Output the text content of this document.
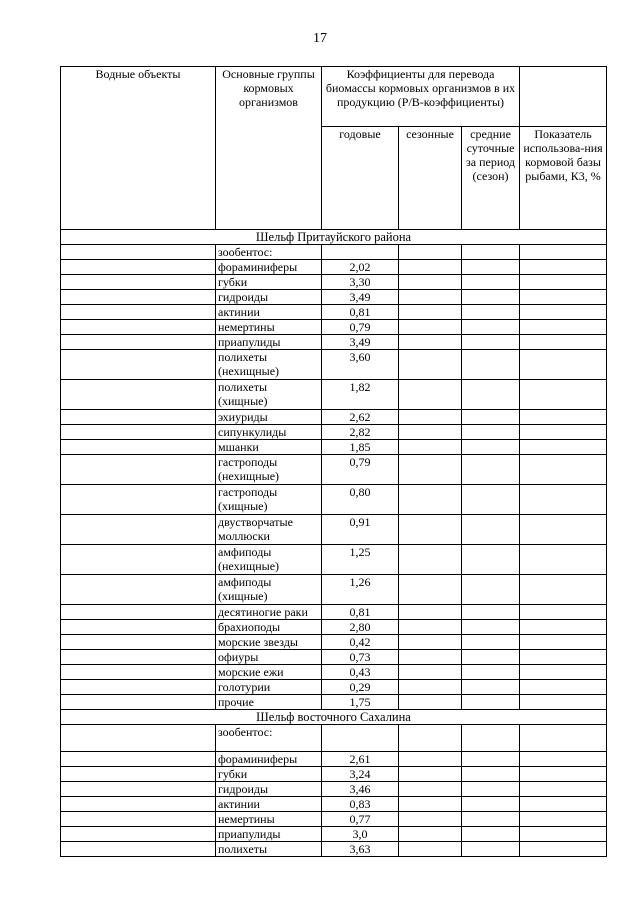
17
Водные объекты	Основные группы кормовых организмов	Коэффициенты для перевода биомассы кормовых организмов в их продукцию (Р/В-коэффициенты)			
		годовые	сезонные	средние суточные за период (сезон)	Показатель использова-ния кормовой базы рыбами, К3, %
Шельф Притауйского района					
	зообентос:				
	фораминиферы	2,02			
	губки	3,30			
	гидроиды	3,49			
	актинии	0,81			
	немертины	0,79			
	приапулиды	3,49			
	полихеты (нехищные)	3,60			
	полихеты (хищные)	1,82			
	эхиуриды	2,62			
	сипункулиды	2,82			
	мшанки	1,85			
	гастроподы (нехищные)	0,79			
	гастроподы (хищные)	0,80			
	двустворчатые моллюски	0,91			
	амфиподы (нехищные)	1,25			
	амфиподы (хищные)	1,26			
	десятиногие раки	0,81			
	брахиоподы	2,80			
	морские звезды	0,42			
	офиуры	0,73			
	морские ежи	0,43			
	голотурии	0,29			
	прочие	1,75			
Шельф восточного Сахалина					
	зообентос:				
	фораминиферы	2,61			
	губки	3,24			
	гидроиды	3,46			
	актинии	0,83			
	немертины	0,77			
	приапулиды	3,0			
	полихеты	3,63			
